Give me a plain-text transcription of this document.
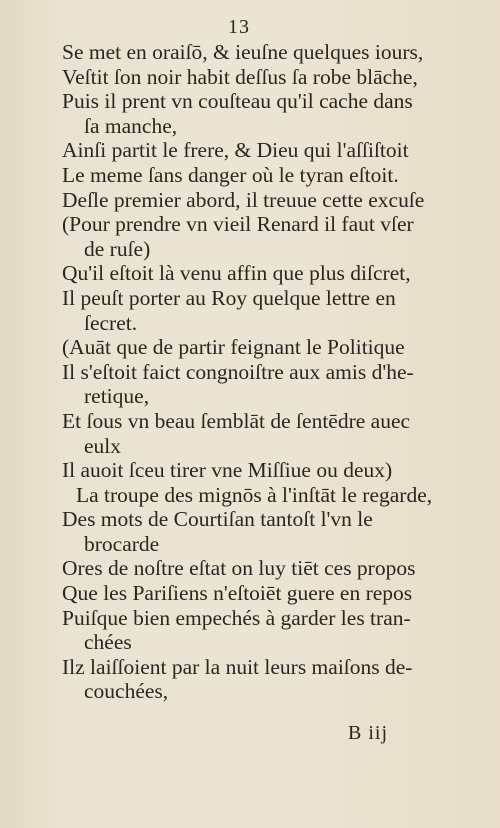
13
Se met en oraiſō, & ieuſne quelques iours,
Veſtit ſon noir habit deſſus ſa robe blāche,
Puis il prent vn couſteau qu'il cache dans
ſa manche,
Ainſi partit le frere, & Dieu qui l'aſſiſtoit
Le meme ſans danger où le tyran eſtoit.
Deſle premier abord, il treuue cette excuſe
(Pour prendre vn vieil Renard il faut vſer
de ruſe)
Qu'il eſtoit là venu affin que plus diſcret,
Il peuſt porter au Roy quelque lettre en
ſecret.
(Auāt que de partir feignant le Politique
Il s'eſtoit faict congnoiſtre aux amis d'he-
retique,
Et ſous vn beau ſemblāt de ſentēdre auec
eulx
Il auoit ſceu tirer vne Miſſiue ou deux)
La troupe des mignōs à l'inſtāt le regarde,
Des mots de Courtiſan tantoſt l'vn le
brocarde
Ores de noſtre eſtat on luy tiēt ces propos
Que les Pariſiens n'eſtoiēt guere en repos
Puiſque bien empechés à garder les tran-
chées
Ilz laiſſoient par la nuit leurs maiſons de-
couchées,
B iij
